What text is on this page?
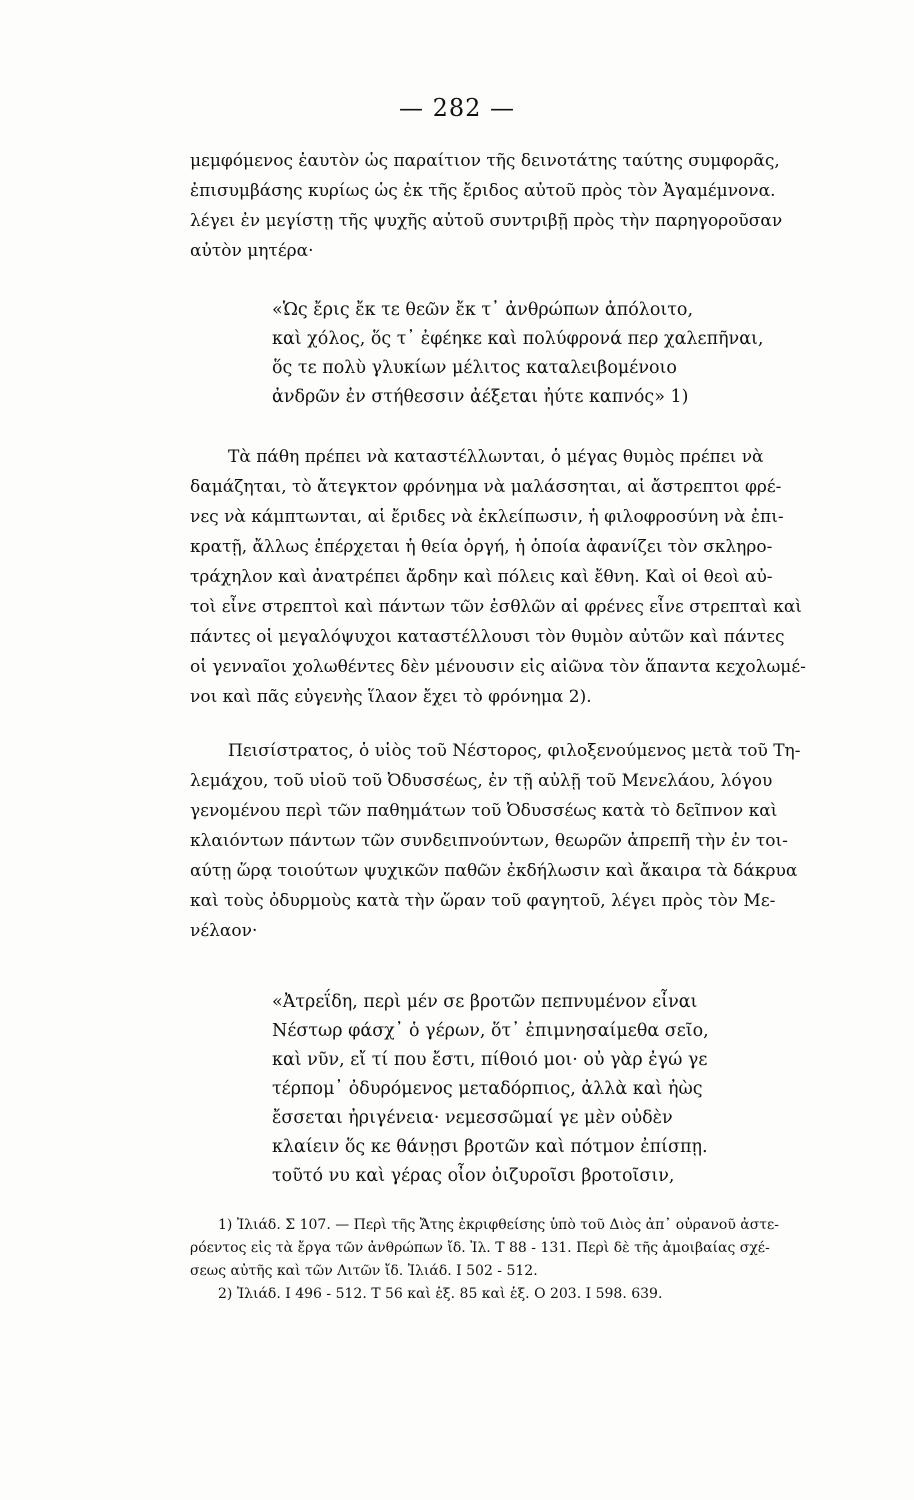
— 282 —
μεμφόμενος ἑαυτὸν ὡς παραίτιον τῆς δεινοτάτης ταύτης συμφορᾶς,
ἐπισυμβάσης κυρίως ὡς ἐκ τῆς ἔριδος αὐτοῦ πρὸς τὸν Ἀγαμέμνονα.
λέγει ἐν μεγίστῃ τῆς ψυχῆς αὐτοῦ συντριβῇ πρὸς τὴν παρηγοροῦσαν
αὐτὸν μητέρα·
«Ὡς ἔρις ἔκ τε θεῶν ἔκ τ᾽ ἀνθρώπων ἀπόλοιτο,
καὶ χόλος, ὅς τ᾽ ἐφέηκε καὶ πολύφρονά περ χαλεπῆναι,
ὅς τε πολὺ γλυκίων μέλιτος καταλειβομένοιο
ἀνδρῶν ἐν στήθεσσιν ἀέξεται ἠύτε καπνός» 1)
Τὰ πάθη πρέπει νὰ καταστέλλωνται, ὁ μέγας θυμὸς πρέπει νὰ
δαμάζηται, τὸ ἄτεγκτον φρόνημα νὰ μαλάσσηται, αἱ ἄστρεπτοι φρέ-
νες νὰ κάμπτωνται, αἱ ἔριδες νὰ ἐκλείπωσιν, ἡ φιλοφροσύνη νὰ ἐπι-
κρατῇ, ἄλλως ἐπέρχεται ἡ θεία ὀργή, ἡ ὁποία ἀφανίζει τὸν σκληρο-
τράχηλον καὶ ἀνατρέπει ἄρδην καὶ πόλεις καὶ ἔθνη. Καὶ οἱ θεοὶ αὐ-
τοὶ εἶνε στρεπτοὶ καὶ πάντων τῶν ἐσθλῶν αἱ φρένες εἶνε στρεπταὶ καὶ
πάντες οἱ μεγαλόψυχοι καταστέλλουσι τὸν θυμὸν αὐτῶν καὶ πάντες
οἱ γενναῖοι χολωθέντες δὲν μένουσιν εἰς αἰῶνα τὸν ἅπαντα κεχολωμέ-
νοι καὶ πᾶς εὐγενὴς ἵλαον ἔχει τὸ φρόνημα 2).
Πεισίστρατος, ὁ υἱὸς τοῦ Νέστορος, φιλοξενούμενος μετὰ τοῦ Τη-
λεμάχου, τοῦ υἱοῦ τοῦ Ὀδυσσέως, ἐν τῇ αὐλῇ τοῦ Μενελάου, λόγου
γενομένου περὶ τῶν παθημάτων τοῦ Ὀδυσσέως κατὰ τὸ δεῖπνον καὶ
κλαιόντων πάντων τῶν συνδειπνούντων, θεωρῶν ἀπρεπῆ τὴν ἐν τοι-
αύτῃ ὥρᾳ τοιούτων ψυχικῶν παθῶν ἐκδήλωσιν καὶ ἄκαιρα τὰ δάκρυα
καὶ τοὺς ὀδυρμοὺς κατὰ τὴν ὥραν τοῦ φαγητοῦ, λέγει πρὸς τὸν Με-
νέλαον·
«Ἀτρεΐδη, περὶ μέν σε βροτῶν πεπνυμένον εἶναι
Νέστωρ φάσχ᾽ ὁ γέρων, ὅτ᾽ ἐπιμνησαίμεθα σεῖο,
καὶ νῦν, εἴ τί που ἔστι, πίθοιό μοι· οὐ γὰρ ἐγώ γε
τέρπομ᾽ ὀδυρόμενος μεταδόρπιος, ἀλλὰ καὶ ἠὼς
ἔσσεται ἠριγένεια· νεμεσσῶμαί γε μὲν οὐδὲν
κλαίειν ὅς κε θάνῃσι βροτῶν καὶ πότμον ἐπίσπῃ.
τοῦτό νυ καὶ γέρας οἶον ὀιζυροῖσι βροτοῖσιν,
1) Ἰλιάδ. Σ 107. — Περὶ τῆς Ἄτης ἐκριφθείσης ὑπὸ τοῦ Διὸς ἀπ᾽ οὐρανοῦ ἀστε-
ρόεντος εἰς τὰ ἔργα τῶν ἀνθρώπων ἴδ. Ἰλ. Τ 88 - 131. Περὶ δὲ τῆς ἀμοιβαίας σχέ-
σεως αὐτῆς καὶ τῶν Λιτῶν ἴδ. Ἰλιάδ. Ι 502 - 512.
2) Ἰλιάδ. Ι 496 - 512. Τ 56 καὶ ἑξ. 85 καὶ ἑξ. Ο 203. Ι 598. 639.
